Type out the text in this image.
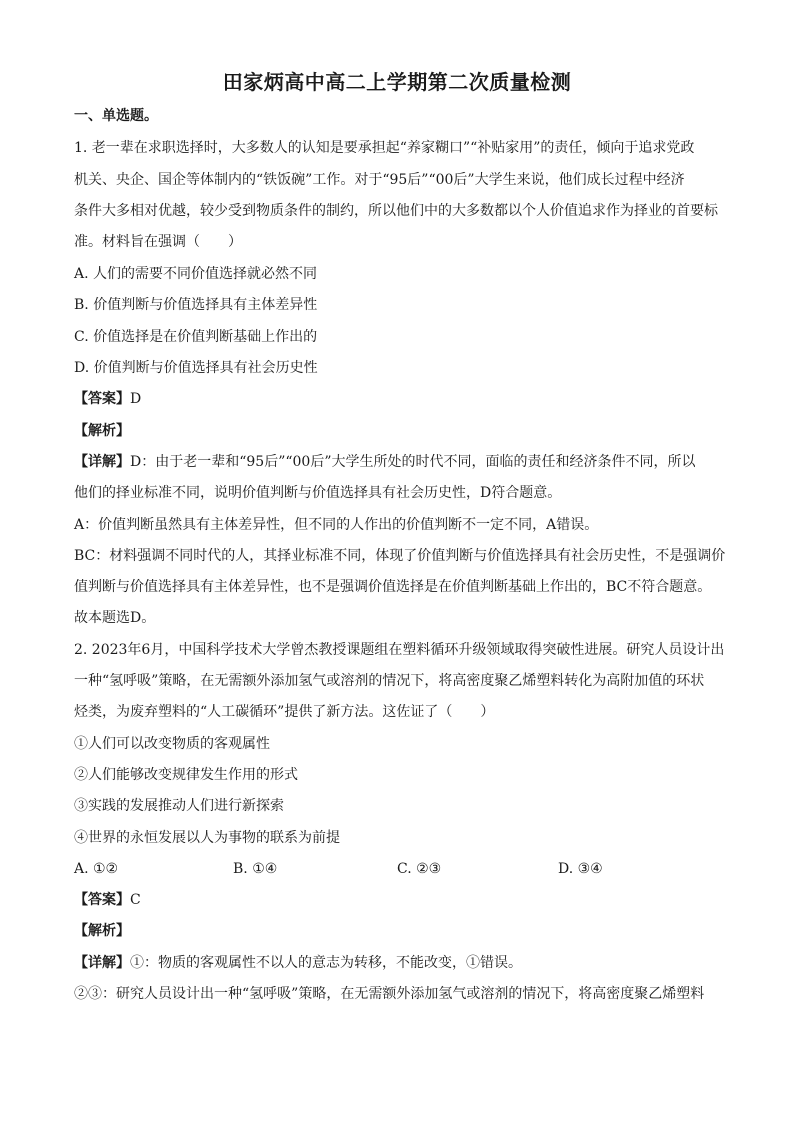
田家炳高中高二上学期第二次质量检测
一、单选题。
1. 老一辈在求职选择时，大多数人的认知是要承担起“养家糊口”“补贴家用”的责任，倾向于追求党政
机关、央企、国企等体制内的“铁饭碗”工作。对于“95后”“00后”大学生来说，他们成长过程中经济
条件大多相对优越，较少受到物质条件的制约，所以他们中的大多数都以个人价值追求作为择业的首要标
准。材料旨在强调（　　）
A. 人们的需要不同价值选择就必然不同
B. 价值判断与价值选择具有主体差异性
C. 价值选择是在价值判断基础上作出的
D. 价值判断与价值选择具有社会历史性
【答案】D
【解析】
【详解】D：由于老一辈和“95后”“00后”大学生所处的时代不同，面临的责任和经济条件不同，所以
他们的择业标准不同，说明价值判断与价值选择具有社会历史性，D符合题意。
A：价值判断虽然具有主体差异性，但不同的人作出的价值判断不一定不同，A错误。
BC：材料强调不同时代的人，其择业标准不同，体现了价值判断与价值选择具有社会历史性，不是强调价
值判断与价值选择具有主体差异性，也不是强调价值选择是在价值判断基础上作出的，BC不符合题意。
故本题选D。
2. 2023年6月，中国科学技术大学曾杰教授课题组在塑料循环升级领域取得突破性进展。研究人员设计出
一种“氢呼吸”策略，在无需额外添加氢气或溶剂的情况下，将高密度聚乙烯塑料转化为高附加值的环状
烃类，为废弃塑料的“人工碳循环”提供了新方法。这佐证了（　　）
①人们可以改变物质的客观属性
②人们能够改变规律发生作用的形式
③实践的发展推动人们进行新探索
④世界的永恒发展以人为事物的联系为前提
A. ①②	B. ①④	C. ②③	D. ③④
【答案】C
【解析】
【详解】①：物质的客观属性不以人的意志为转移，不能改变，①错误。
②③：研究人员设计出一种“氢呼吸”策略，在无需额外添加氢气或溶剂的情况下，将高密度聚乙烯塑料
